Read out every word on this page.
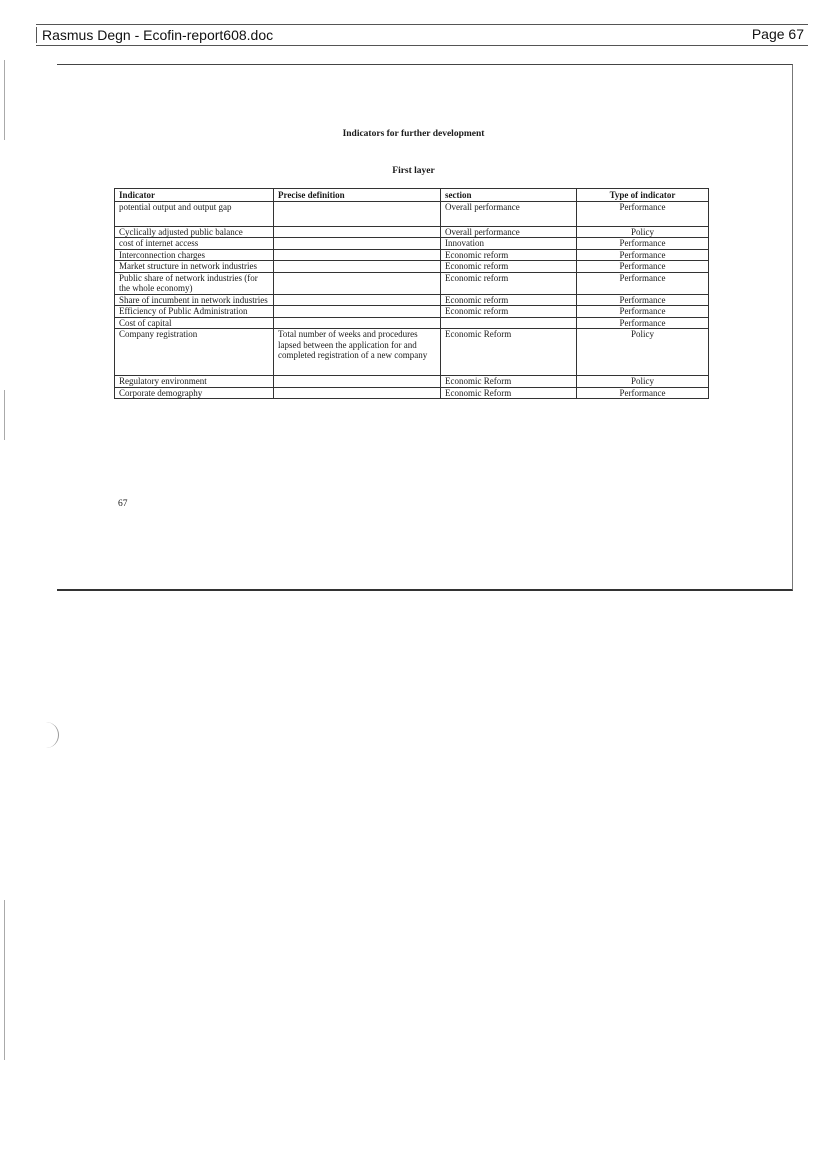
Rasmus Degn - Ecofin-report608.doc	Page 67
Indicators for further development
First layer
Indicator	Precise definition	section	Type of indicator
potential output and output gap		Overall performance	Performance
Cyclically adjusted public balance		Overall performance	Policy
cost of internet access		Innovation	Performance
Interconnection charges		Economic reform	Performance
Market structure in network industries		Economic reform	Performance
Public share of network industries (for the whole economy)		Economic reform	Performance
Share of incumbent in network industries		Economic reform	Performance
Efficiency of Public Administration		Economic reform	Performance
Cost of capital			Performance
Company registration	Total number of weeks and procedures lapsed between the application for and completed registration of a new company	Economic Reform	Policy
Regulatory environment		Economic Reform	Policy
Corporate demography		Economic Reform	Performance
67
